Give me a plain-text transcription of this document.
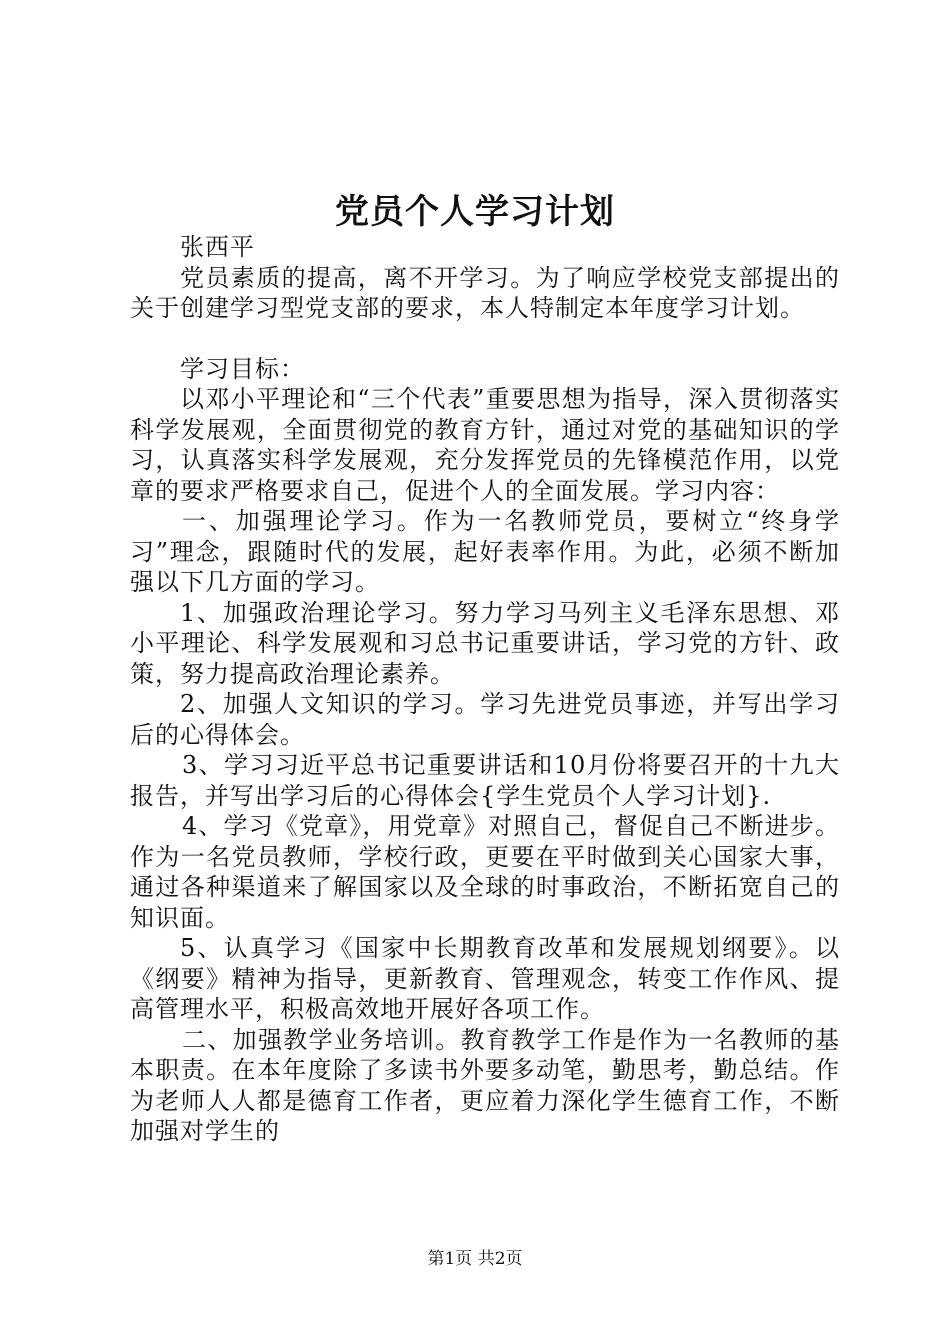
党员个人学习计划

张西平

党员素质的提高，离不开学习。为了响应学校党支部提出的关于创建学习型党支部的要求，本人特制定本年度学习计划。

学习目标：

以邓小平理论和“三个代表”重要思想为指导，深入贯彻落实科学发展观，全面贯彻党的教育方针，通过对党的基础知识的学习，认真落实科学发展观，充分发挥党员的先锋模范作用，以党章的要求严格要求自己，促进个人的全面发展。学习内容：

一、加强理论学习。作为一名教师党员，要树立“终身学习”理念，跟随时代的发展，起好表率作用。为此，必须不断加强以下几方面的学习。

1、加强政治理论学习。努力学习马列主义毛泽东思想、邓小平理论、科学发展观和习总书记重要讲话，学习党的方针、政策，努力提高政治理论素养。

2、加强人文知识的学习。学习先进党员事迹，并写出学习后的心得体会。

3、学习习近平总书记重要讲话和10月份将要召开的十九大报告，并写出学习后的心得体会{学生党员个人学习计划}.

4、学习《党章》，用党章》对照自己，督促自己不断进步。作为一名党员教师，学校行政，更要在平时做到关心国家大事，通过各种渠道来了解国家以及全球的时事政治，不断拓宽自己的知识面。

5、认真学习《国家中长期教育改革和发展规划纲要》。以《纲要》精神为指导，更新教育、管理观念，转变工作作风、提高管理水平，积极高效地开展好各项工作。

二、加强教学业务培训。教育教学工作是作为一名教师的基本职责。在本年度除了多读书外要多动笔，勤思考，勤总结。作为老师人人都是德育工作者，更应着力深化学生德育工作，不断加强对学生的

第1页 共2页
